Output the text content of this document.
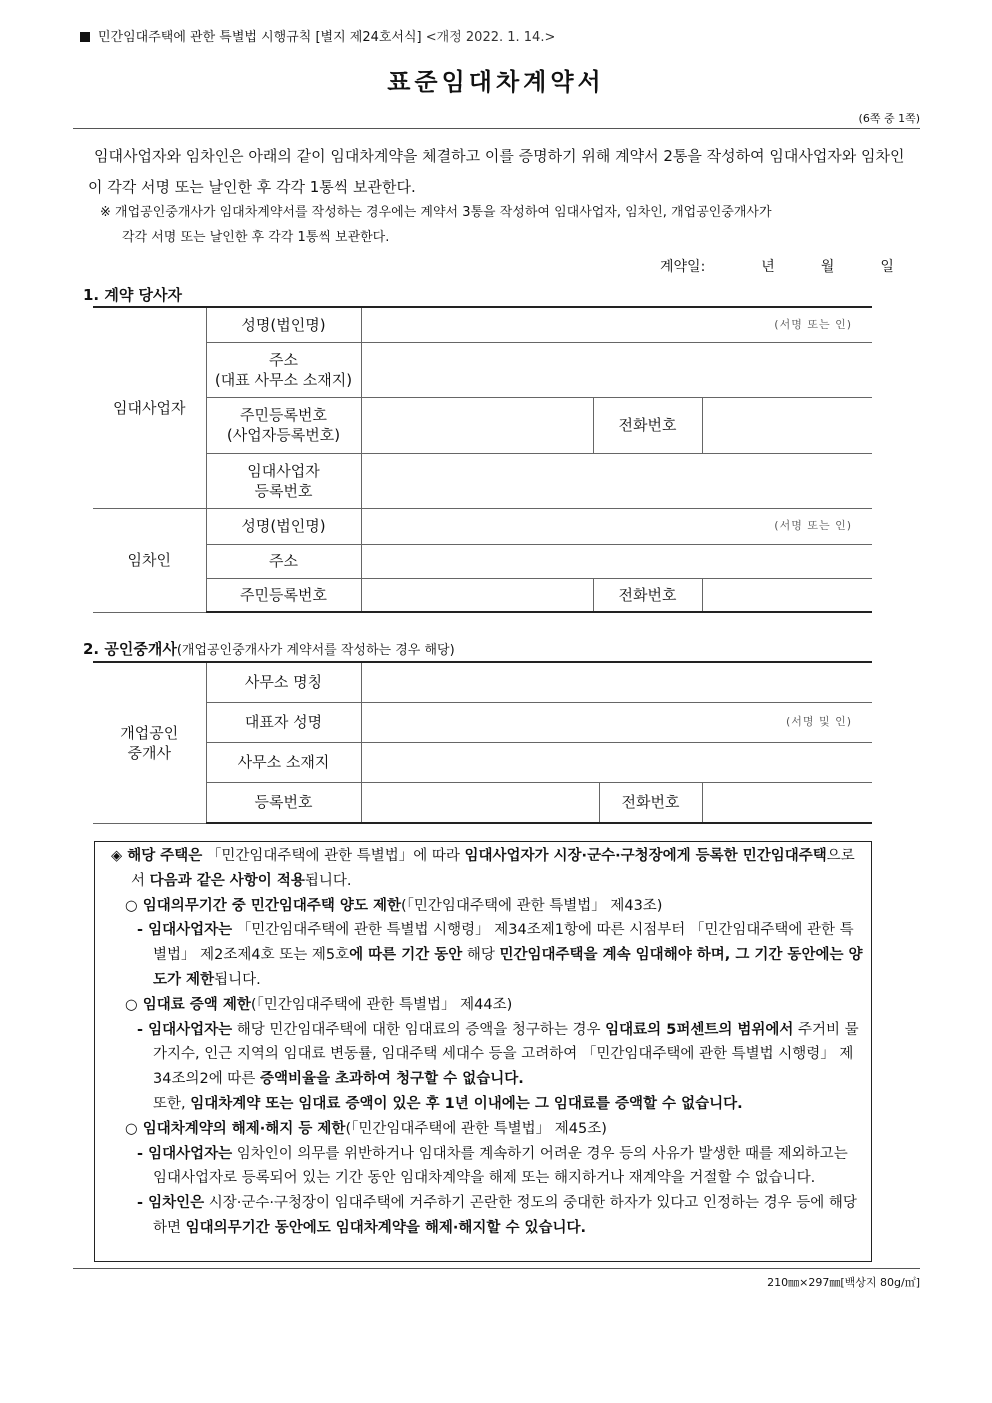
민간임대주택에 관한 특별법 시행규칙 [별지 제24호서식] <개정 2022. 1. 14.>
표준임대차계약서
(6쪽 중 1쪽)
임대사업자와 임차인은 아래의 같이 임대차계약을 체결하고 이를 증명하기 위해 계약서 2통을 작성하여 임대사업자와 임차인이 각각 서명 또는 날인한 후 각각 1통씩 보관한다.
※ 개업공인중개사가 임대차계약서를 작성하는 경우에는 계약서 3통을 작성하여 임대사업자, 임차인, 개업공인중개사가
각각 서명 또는 날인한 후 각각 1통씩 보관한다.
계약일:	년	월	일
1. 계약 당사자
임대사업자	성명(법인명)	(서명 또는 인)		

	주소
(대표 사무소 소재지)			

	주민등록번호
(사업자등록번호)		전화번호	

	임대사업자
등록번호			

임차인	성명(법인명)	(서명 또는 인)		
	주소			
	주민등록번호		전화번호	
2. 공인중개사(개업공인중개사가 계약서를 작성하는 경우 해당)
개업공인
중개사	사무소 명칭			
	대표자 성명	(서명 및 인)		
	사무소 소재지			
	등록번호		전화번호	

◈ 해당 주택은 「민간임대주택에 관한 특별법」에 따라 임대사업자가 시장·군수·구청장에게 등록한 민간임대주택으로서 다음과 같은 사항이 적용됩니다.

○ 임대의무기간 중 민간임대주택 양도 제한(「민간임대주택에 관한 특별법」 제43조)

- 임대사업자는 「민간임대주택에 관한 특별법 시행령」 제34조제1항에 따른 시점부터 「민간임대주택에 관한 특별법」 제2조제4호 또는 제5호에 따른 기간 동안 해당 민간임대주택을 계속 임대해야 하며, 그 기간 동안에는 양도가 제한됩니다.

○ 임대료 증액 제한(「민간임대주택에 관한 특별법」 제44조)

- 임대사업자는 해당 민간임대주택에 대한 임대료의 증액을 청구하는 경우 임대료의 5퍼센트의 범위에서 주거비 물가지수, 인근 지역의 임대료 변동률, 임대주택 세대수 등을 고려하여 「민간임대주택에 관한 특별법 시행령」 제34조의2에 따른 증액비율을 초과하여 청구할 수 없습니다.
또한, 임대차계약 또는 임대료 증액이 있은 후 1년 이내에는 그 임대료를 증액할 수 없습니다.

○ 임대차계약의 해제·해지 등 제한(「민간임대주택에 관한 특별법」 제45조)

- 임대사업자는 임차인이 의무를 위반하거나 임대차를 계속하기 어려운 경우 등의 사유가 발생한 때를 제외하고는 임대사업자로 등록되어 있는 기간 동안 임대차계약을 해제 또는 해지하거나 재계약을 거절할 수 없습니다.

- 임차인은 시장·군수·구청장이 임대주택에 거주하기 곤란한 정도의 중대한 하자가 있다고 인정하는 경우 등에 해당하면 임대의무기간 동안에도 임대차계약을 해제·해지할 수 있습니다.

210㎜×297㎜[백상지 80g/㎡]
